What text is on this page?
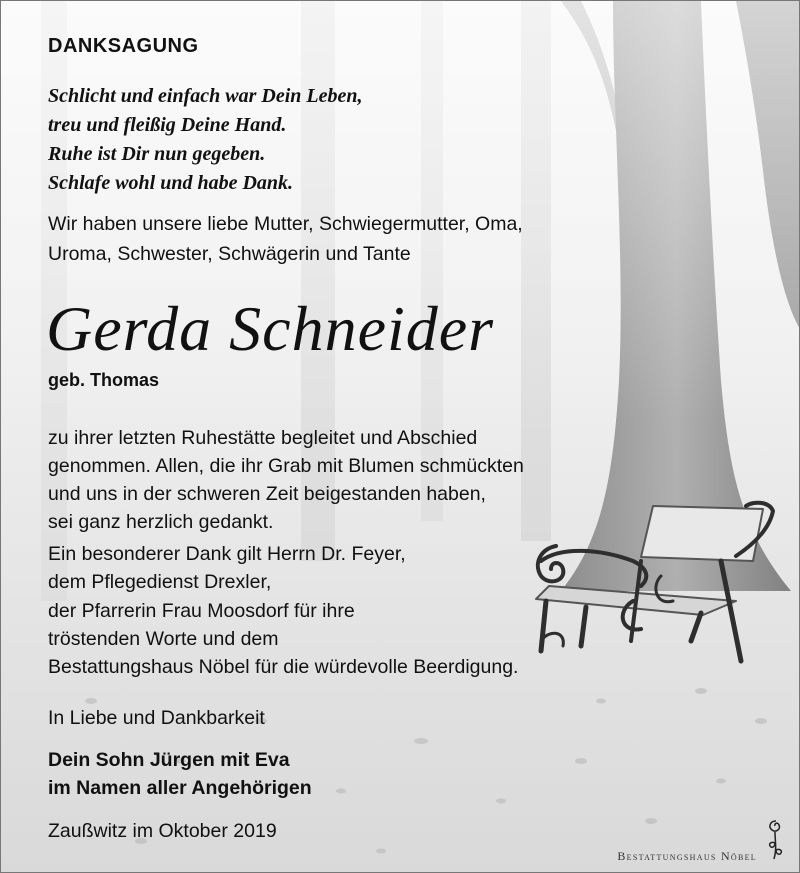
DANKSAGUNG
Schlicht und einfach war Dein Leben,
treu und fleißig Deine Hand.
Ruhe ist Dir nun gegeben.
Schlafe wohl und habe Dank.
Wir haben unsere liebe Mutter, Schwiegermutter, Oma,
Uroma, Schwester, Schwägerin und Tante
Gerda Schneider
geb. Thomas
zu ihrer letzten Ruhestätte begleitet und Abschied
genommen. Allen, die ihr Grab mit Blumen schmückten
und uns in der schweren Zeit beigestanden haben,
sei ganz herzlich gedankt.
Ein besonderer Dank gilt Herrn Dr. Feyer,
dem Pflegedienst Drexler,
der Pfarrerin Frau Moosdorf für ihre
tröstenden Worte und dem
Bestattungshaus Nöbel für die würdevolle Beerdigung.
In Liebe und Dankbarkeit
Dein Sohn Jürgen mit Eva
im Namen aller Angehörigen
Zaußwitz im Oktober 2019
Bestattungshaus Nöbel
